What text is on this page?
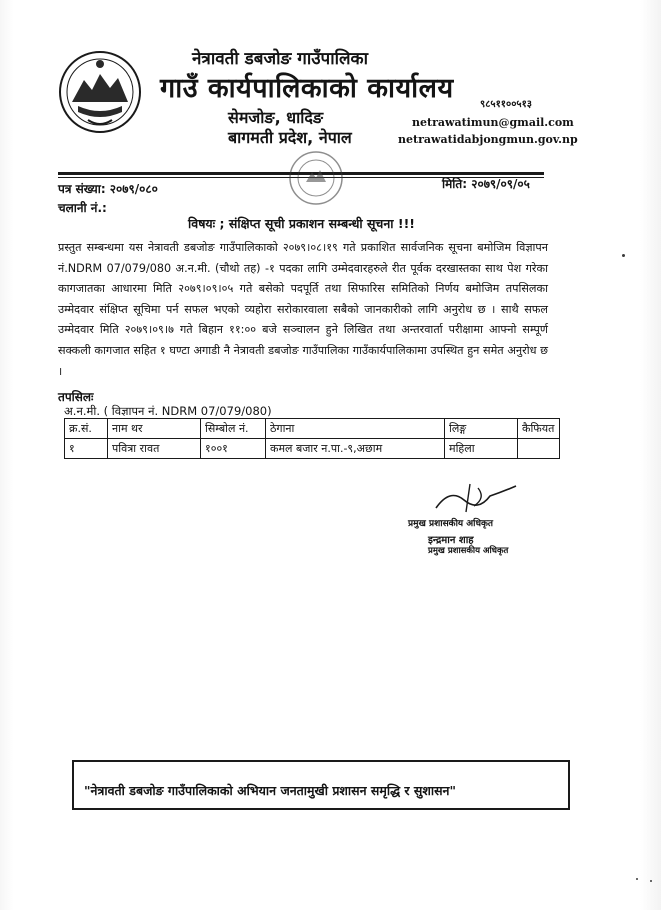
नेत्रावती डबजोङ गाउँपालिका
गाउँ कार्यपालिकाको कार्यालय
सेमजोङ, धादिङ
बागमती प्रदेश, नेपाल
९८५११००५१३
netrawatimun@gmail.com
netrawatidabjongmun.gov.np
पत्र संख्या: २०७९/०८०
चलानी नं.:
मिति: २०७९/०९/०५
विषयः ; संक्षिप्त सूची प्रकाशन सम्बन्धी सूचना !!!
प्रस्तुत सम्बन्धमा यस नेत्रावती डबजोङ गाउँपालिकाको २०७९।०८।१९ गते प्रकाशित सार्वजनिक सूचना बमोजिम विज्ञापन नं.NDRM 07/079/080 अ.न.मी. (चौथो तह) -१ पदका लागि उम्मेदवारहरुले रीत पूर्वक दरखास्तका साथ पेश गरेका कागजातका आधारमा मिति २०७९।०९।०५ गते बसेको पदपूर्ति तथा सिफारिस समितिको निर्णय बमोजिम तपसिलका उम्मेदवार संक्षिप्त सूचिमा पर्न सफल भएको व्यहोरा सरोकारवाला सबैको जानकारीको लागि अनुरोध छ । साथै सफल उम्मेदवार मिति २०७९।०९।७ गते बिहान ११:०० बजे सञ्चालन हुने लिखित तथा अन्तरवार्ता परीक्षामा आफ्नो सम्पूर्ण सक्कली कागजात सहित १ घण्टा अगाडी नै नेत्रावती डबजोङ गाउँपालिका गाउँकार्यपालिकामा उपस्थित हुन समेत अनुरोध छ ।
तपसिलः
अ.न.मी. ( विज्ञापन नं. NDRM 07/079/080)
क्र.सं.	नाम थर	सिम्बोल नं.	ठेगाना	लिङ्ग	कैफियत
१	पवित्रा रावत	१००१	कमल बजार न.पा.-९,अछाम	महिला	
प्रमुख प्रशासकीय अधिकृत
इन्द्रमान शाह
प्रमुख प्रशासकीय अधिकृत
"नेत्रावती डबजोङ गाउँपालिकाको अभियान जनतामुखी प्रशासन समृद्धि र सुशासन"
